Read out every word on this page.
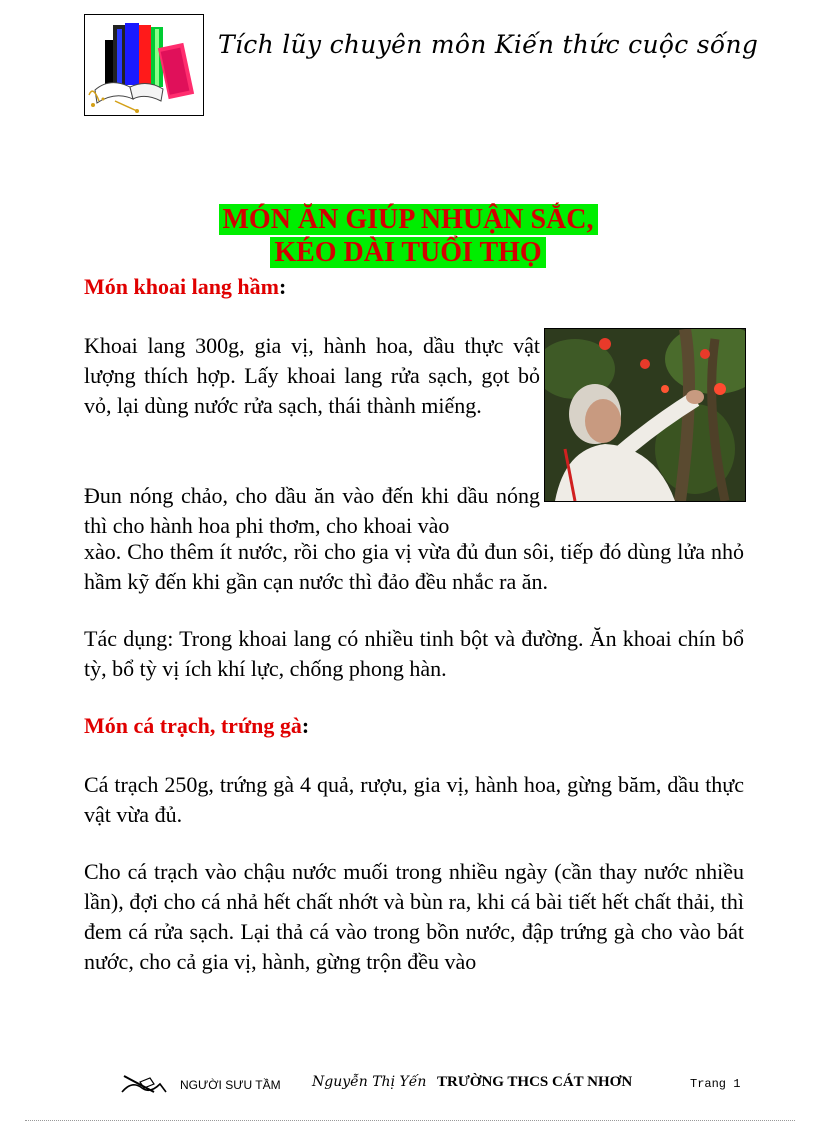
Tích lũy chuyên môn Kiến thức cuộc sống
MÓN ĂN GIÚP NHUẬN SẮC,
KÉO DÀI TUỔI THỌ
Món khoai lang hầm:
Khoai lang 300g, gia vị, hành hoa, dầu thực vật lượng thích hợp. Lấy khoai lang rửa sạch, gọt bỏ vỏ, lại dùng nước rửa sạch, thái thành miếng.
Đun nóng chảo, cho dầu ăn vào đến khi dầu nóng thì cho hành hoa phi thơm, cho khoai vào
xào. Cho thêm ít nước, rồi cho gia vị vừa đủ đun sôi, tiếp đó dùng lửa nhỏ hầm kỹ đến khi gần cạn nước thì đảo đều nhắc ra ăn.
Tác dụng: Trong khoai lang có nhiều tinh bột và đường. Ăn khoai chín bổ tỳ, bổ tỳ vị ích khí lực, chống phong hàn.
Món cá trạch, trứng gà:
Cá trạch 250g, trứng gà 4 quả, rượu, gia vị, hành hoa, gừng băm, dầu thực vật vừa đủ.
Cho cá trạch vào chậu nước muối trong nhiều ngày (cần thay nước nhiều lần), đợi cho cá nhả hết chất nhớt và bùn ra, khi cá bài tiết hết chất thải, thì đem cá rửa sạch. Lại thả cá vào trong bồn nước, đập trứng gà cho vào bát nước, cho cả gia vị, hành, gừng trộn đều vào
NGƯỜI SƯU TẦM Nguyễn Thị Yến TRƯỜNG THCS CÁT NHƠN	Trang 1
